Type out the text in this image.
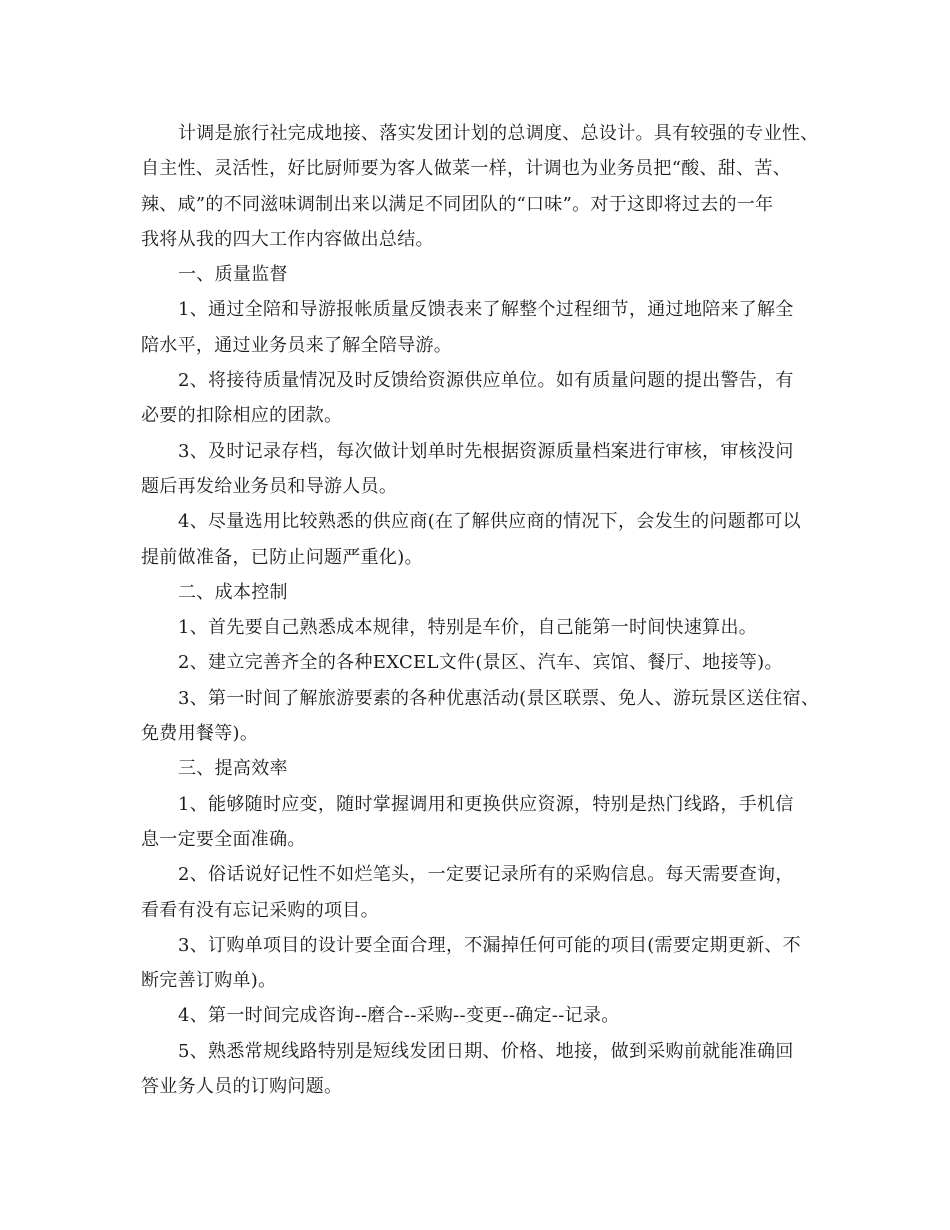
计调是旅行社完成地接、落实发团计划的总调度、总设计。具有较强的专业性、
自主性、灵活性，好比厨师要为客人做菜一样，计调也为业务员把“酸、甜、苦、
辣、咸”的不同滋味调制出来以满足不同团队的“口味”。对于这即将过去的一年
我将从我的四大工作内容做出总结。
一、质量监督
1、通过全陪和导游报帐质量反馈表来了解整个过程细节，通过地陪来了解全
陪水平，通过业务员来了解全陪导游。
2、将接待质量情况及时反馈给资源供应单位。如有质量问题的提出警告，有
必要的扣除相应的团款。
3、及时记录存档，每次做计划单时先根据资源质量档案进行审核，审核没问
题后再发给业务员和导游人员。
4、尽量选用比较熟悉的供应商(在了解供应商的情况下，会发生的问题都可以
提前做准备，已防止问题严重化)。
二、成本控制
1、首先要自己熟悉成本规律，特别是车价，自己能第一时间快速算出。
2、建立完善齐全的各种EXCEL文件(景区、汽车、宾馆、餐厅、地接等)。
3、第一时间了解旅游要素的各种优惠活动(景区联票、免人、游玩景区送住宿、
免费用餐等)。
三、提高效率
1、能够随时应变，随时掌握调用和更换供应资源，特别是热门线路，手机信
息一定要全面准确。
2、俗话说好记性不如烂笔头，一定要记录所有的采购信息。每天需要查询，
看看有没有忘记采购的项目。
3、订购单项目的设计要全面合理，不漏掉任何可能的项目(需要定期更新、不
断完善订购单)。
4、第一时间完成咨询--磨合--采购--变更--确定--记录。
5、熟悉常规线路特别是短线发团日期、价格、地接，做到采购前就能准确回
答业务人员的订购问题。
